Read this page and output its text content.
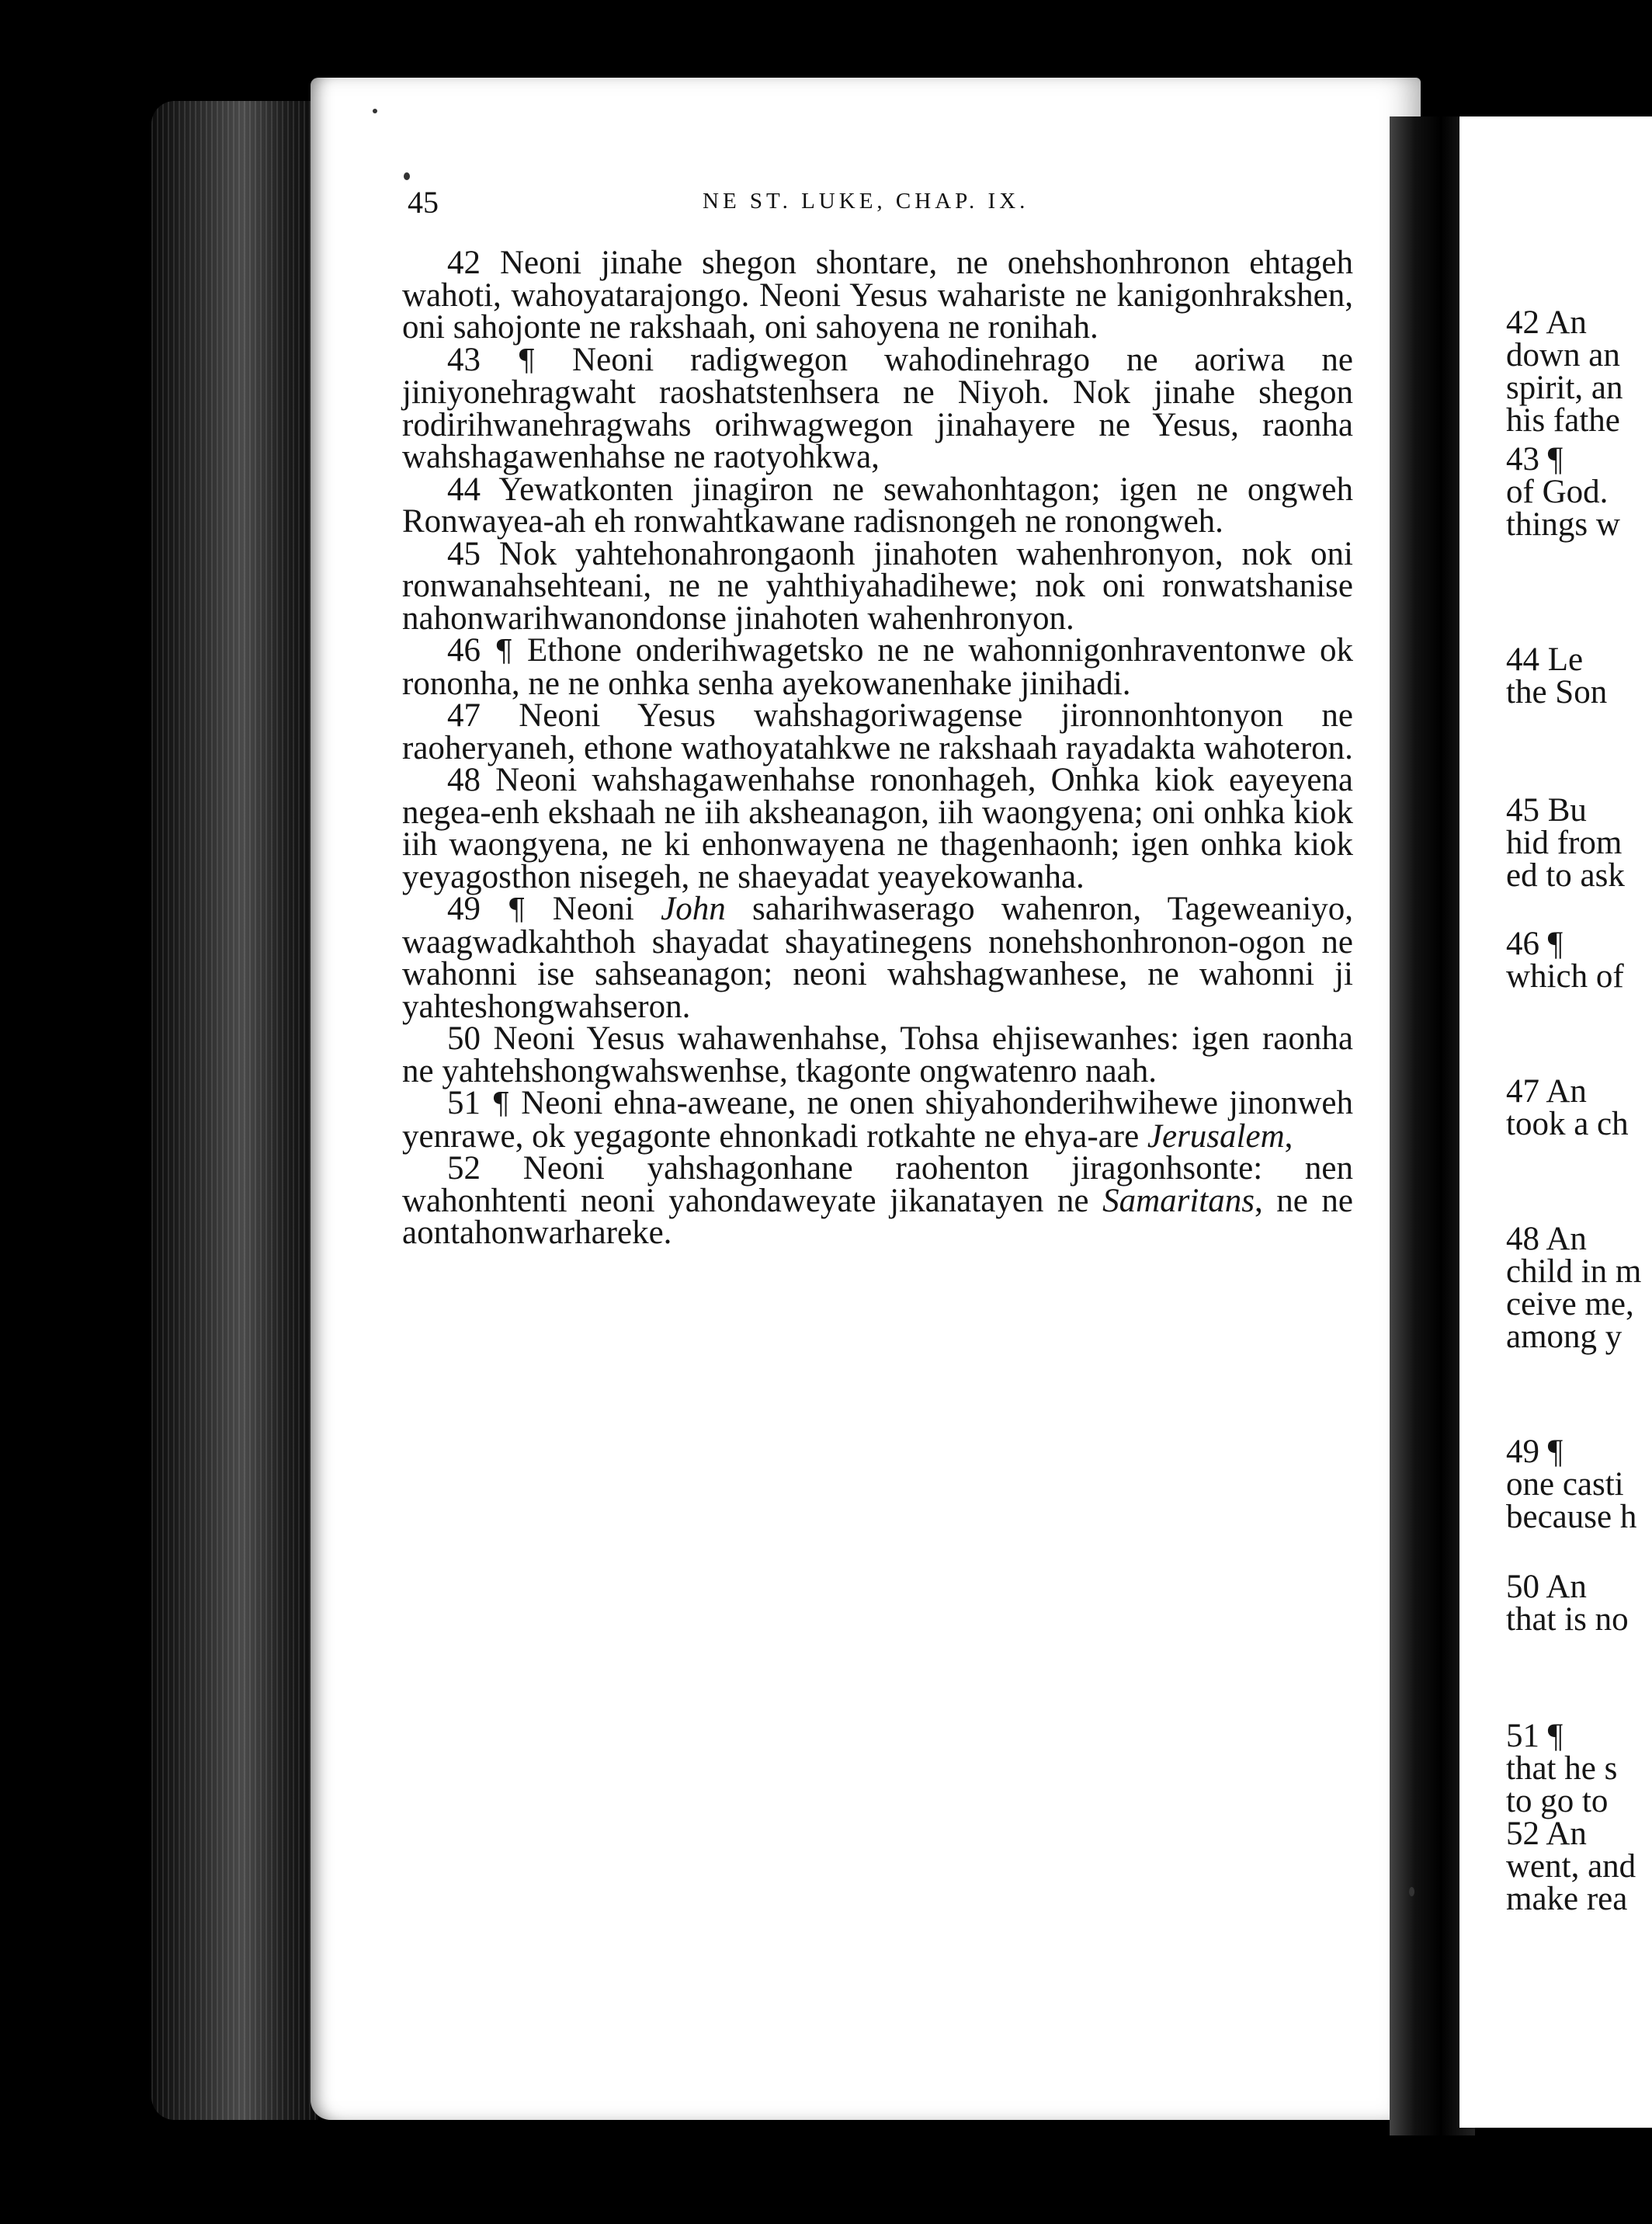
45	NE ST. LUKE, CHAP. IX.

42 Neoni jinahe shegon shontare, ne onehshonhronon ehtageh wahoti, wahoyatarajongo. Neoni Yesus wahariste ne kanigonhrakshen, oni sahojonte ne rakshaah, oni sahoyena ne ronihah.

43 ¶ Neoni radigwegon wahodinehrago ne aoriwa ne jiniyonehragwaht raoshatstenhsera ne Niyoh. Nok jinahe shegon rodirihwanehragwahs orihwagwegon jinahayere ne Yesus, raonha wahshagawenhahse ne raotyohkwa,

44 Yewatkonten jinagiron ne sewahonhtagon; igen ne ongweh Ronwayea-ah eh ronwahtkawane radisnongeh ne ronongweh.

45 Nok yahtehonahrongaonh jinahoten wahenhronyon, nok oni ronwanahsehteani, ne ne yahthiyahadihewe; nok oni ronwatshanise nahonwarihwanondonse jinahoten wahenhronyon.

46 ¶ Ethone onderihwagetsko ne ne wahonnigonhraventonwe ok rononha, ne ne onhka senha ayekowanenhake jinihadi.

47 Neoni Yesus wahshagoriwagense jironnonhtonyon ne raoheryaneh, ethone wathoyatahkwe ne rakshaah rayadakta wahoteron.

48 Neoni wahshagawenhahse rononhageh, Onhka kiok eayeyena negea-enh ekshaah ne iih aksheanagon, iih waongyena; oni onhka kiok iih waongyena, ne ki enhonwayena ne thagenhaonh; igen onhka kiok yeyagosthon nisegeh, ne shaeyadat yeayekowanha.

49 ¶ Neoni John saharihwaserago wahenron, Tageweaniyo, waagwadkahthoh shayadat shayatinegens nonehshonhronon-ogon ne wahonni ise sahseanagon; neoni wahshagwanhese, ne wahonni ji yahteshongwahseron.

50 Neoni Yesus wahawenhahse, Tohsa ehjisewanhes: igen raonha ne yahtehshongwahswenhse, tkagonte ongwatenro naah.

51 ¶ Neoni ehna-aweane, ne onen shiyahonderihwihewe jinonweh yenrawe, ok yegagonte ehnonkadi rotkahte ne ehya-are Jerusalem,

52 Neoni yahshagonhane raohenton jiragonhsonte: nen wahonhtenti neoni yahondaweyate jikanatayen ne Samaritans, ne ne aontahonwarhareke.

42 An
down an
spirit, an
his fathe
43 ¶
of God.
things w
44 Le
the Son
45 Bu
hid from
ed to ask
46 ¶
which of
47 An
took a ch
48 An
child in m
ceive me,
among y
49 ¶
one casti
because h
50 An
that is no
51 ¶
that he s
to go to
52 An
went, and
make rea
